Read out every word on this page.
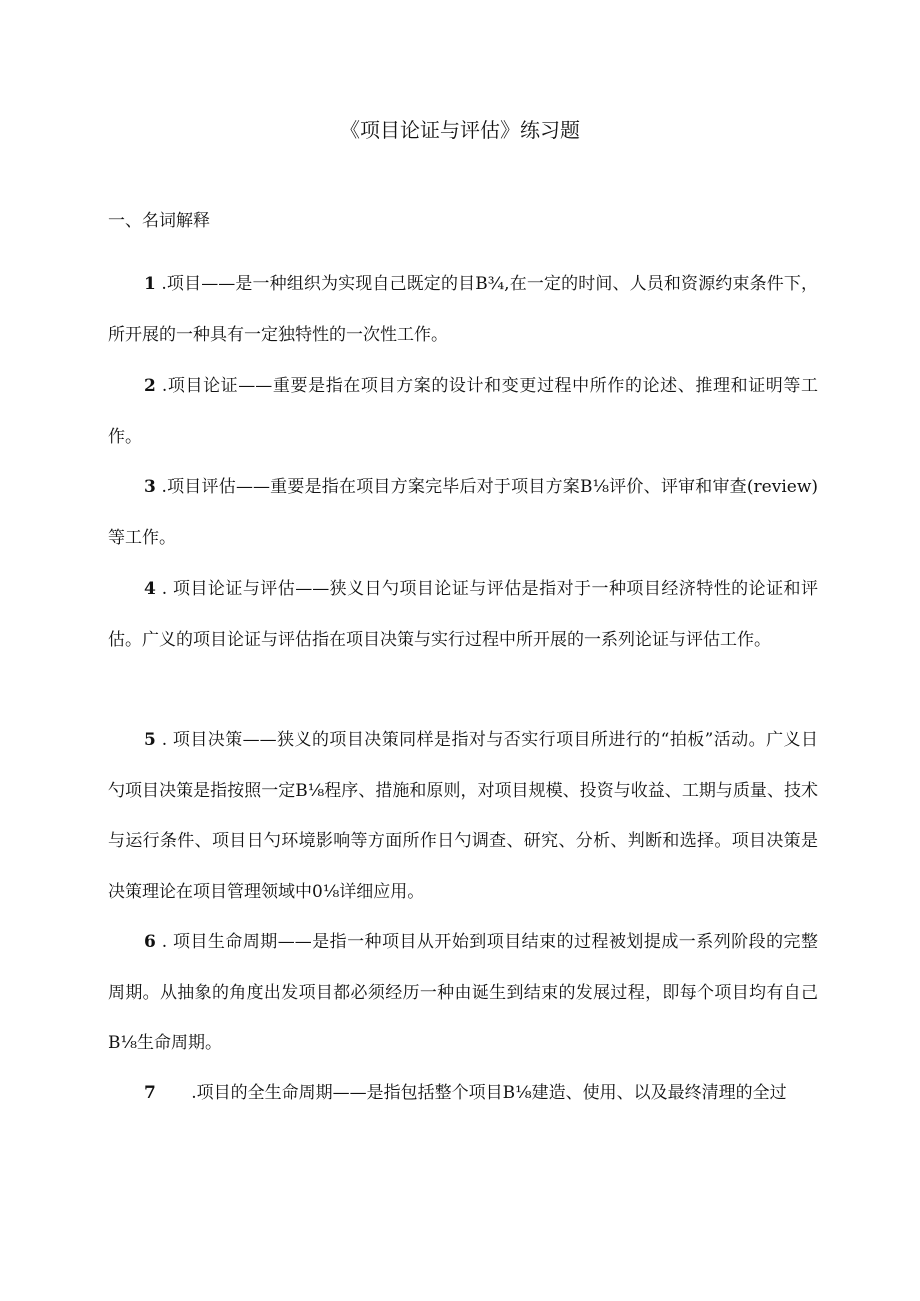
《项目论证与评估》练习题
一、名词解释
1 .项目——是一种组织为实现自己既定的目B¾,在一定的时间、人员和资源约束条件下，所开展的一种具有一定独特性的一次性工作。
2 .项目论证——重要是指在项目方案的设计和变更过程中所作的论述、推理和证明等工作。
3 .项目评估——重要是指在项目方案完毕后对于项目方案B⅛评价、评审和审查(review)等工作。
4 . 项目论证与评估——狭义日勺项目论证与评估是指对于一种项目经济特性的论证和评估。广义的项目论证与评估指在项目决策与实行过程中所开展的一系列论证与评估工作。
5 . 项目决策——狭义的项目决策同样是指对与否实行项目所进行的“拍板”活动。广义日勺项目决策是指按照一定B⅛程序、措施和原则，对项目规模、投资与收益、工期与质量、技术与运行条件、项目日勺环境影响等方面所作日勺调查、研究、分析、判断和选择。项目决策是决策理论在项目管理领域中0⅛详细应用。
6 . 项目生命周期——是指一种项目从开始到项目结束的过程被划提成一系列阶段的完整周期。从抽象的角度出发项目都必须经历一种由诞生到结束的发展过程，即每个项目均有自己B⅛生命周期。
7 .项目的全生命周期——是指包括整个项目B⅛建造、使用、以及最终清理的全过
